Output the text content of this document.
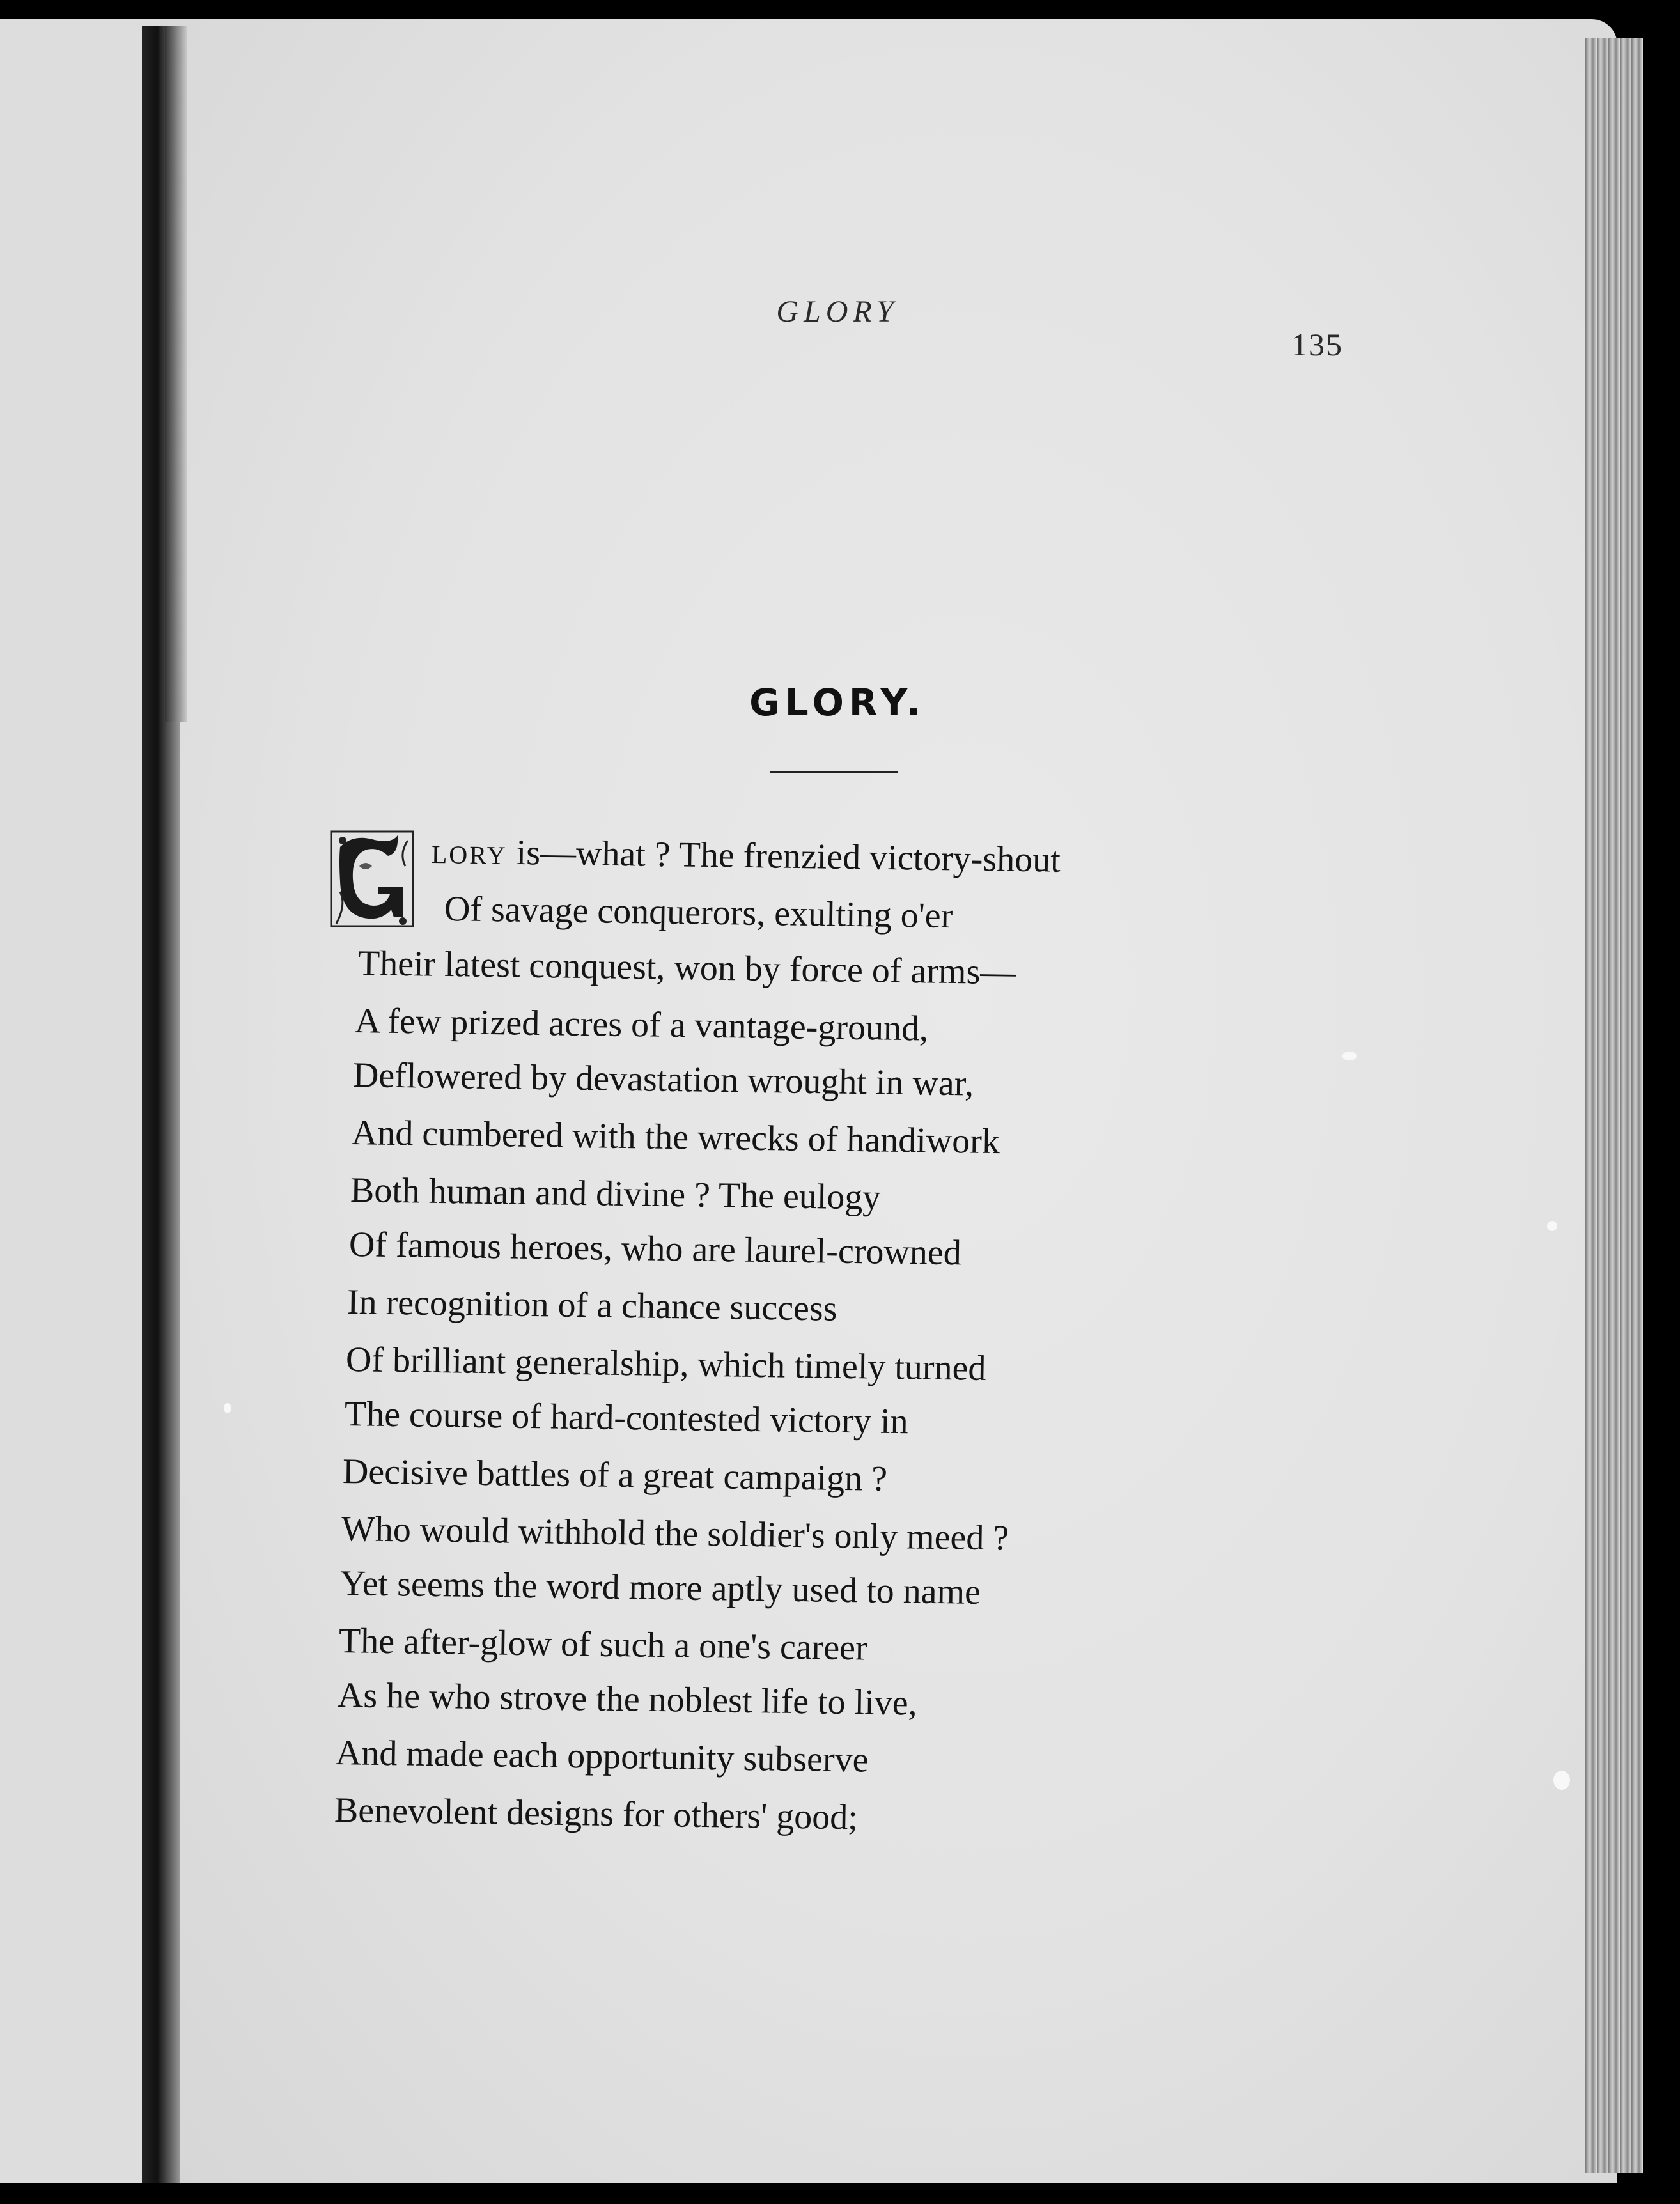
GLORY
135
GLORY.
LORY is—what ? The frenzied victory-shout
Of savage conquerors, exulting o'er
Their latest conquest, won by force of arms—
A few prized acres of a vantage-ground,
Deflowered by devastation wrought in war,
And cumbered with the wrecks of handiwork
Both human and divine ? The eulogy
Of famous heroes, who are laurel-crowned
In recognition of a chance success
Of brilliant generalship, which timely turned
The course of hard-contested victory in
Decisive battles of a great campaign ?
Who would withhold the soldier's only meed ?
Yet seems the word more aptly used to name
The after-glow of such a one's career
As he who strove the noblest life to live,
And made each opportunity subserve
Benevolent designs for others' good;
